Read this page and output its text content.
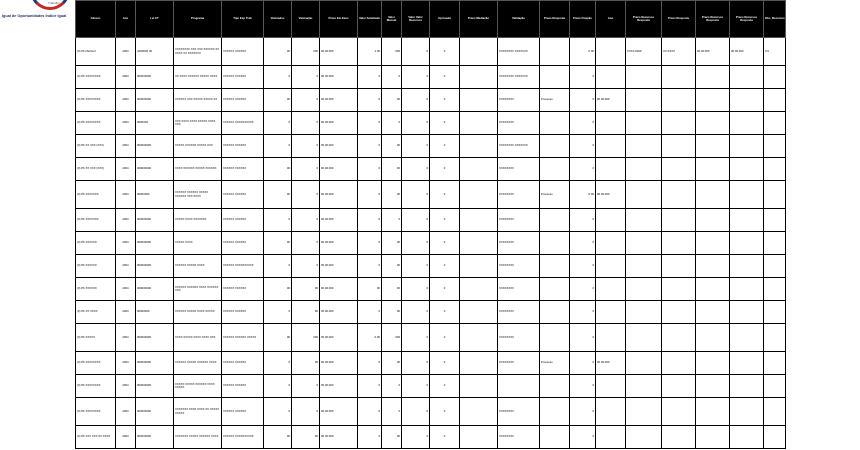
Trabalho
Igual de Oportunidades Índice Igual
Gênero	Ano	Lei CT	Programa	Tipo Exp Trab	Vacinados	Vacinação	Prazo Em Exec	Valor Solicitado	Valor Mensal	Valor Valor Recursos	Aprovado	Prazo Mediação	Validação	Prazo Resposta	Prazo Fixação	Ano	Prazo Recursos Resposta	Prazo Resposta	Prazo Recursos Resposta	Prazo Recursos Resposta	Obs_Recursos
(0) PF Meritis F	2004	(000000) 00	XXXXXXXX XXX XXX XXXXXX XX XXXX XX XXXXXXX	XXXXXX XXXXXX	00	000	00.00.000	1.00	000	0	0		XXXXXXXX XXXXXXX		0.00		XXXX.0000	XX.XXXX	00.00.000	00.00.000	0.0
(0) PF XXXXXXXX	2004	000000000	XX XXXX XXXXXX XXXXX XXXX	XXXXXX XXXXXX	0	0	00.00.000	0	0	0	0		XXXXXXXX XXXXXXX		0						
(0) PF XXXXXXXX	2004	000000000	XXXXXX XXX XXXXX XXXXX XX	XXXXXX XXXXXX	00	0	00.00.000	0	00	0	0		XXXXXXXX	Processo	0	00.00.000					
(0) PF XXXXXXXX	2004	0000000	XXX XXXX XXXX XXXXX XXXX XXX	XXXXXX XXXXXXXXXX	0	0	00.00.000	0	0	0	0		XXXXXXXX		0						
(0) PF XX XXX (XXX)	2004	000000000	XXXXX XXXXXX XXXXX XXX	XXXXXX XXXXXX	0	0	00.00.000	0	00	0	0		XXXXXXXX XXXXXXX		0						
(0) PF XX XXX (XXX)	2004	000000000	XXXX XXXXXX XXXXX XXXXXX	XXXXXX XXXXXX	00	0	00.00.000	0	00	0	0		XXXXXXXX		0						
(0) PF XXXXXXX	2004	00000000	XXXXXX XXXXXX XXXXX XXXXXX XXX XXXX	XXXXXX XXXXXX	00	0	00.00.000	0	00	0	0		XXXXXXXX	Processo	0.00	00.00.000					
(0) PF XXXXXXX	2004	000000000	XXXXX XXXX XXXXXXX	XXXXXX XXXXXX	0	0	00.00.000	0	0	0	0		XXXXXXXX		0						
(0) PF XXXXXX	2004	000000000	XXXXX XXXX	XXXXXX XXXXXX	00	0	00.00.000	0	00	0	0		XXXXXXXX		0						
(0) PF XXXXXX	2004	000000000	XXXXXX XXXXX XXXX	XXXXXX XXXXXXXXXX	0	0	00.00.000	0	00	0	0		XXXXXXXX		0						
(0) PF XXXXXX	2004	000000000	XXXXXX XXXXXX XXXX XXXXXX XXX	XXXXXX XXXXXX	00	00	00.00.000	00	00	0	0		XXXXXXXX		0						
(0) PF XX XXXX	2004	00000000	XXXXXX XXXXX XXXX XXXXX	XXXXXX XXXXXX	0	00	00.00.000	0	00	0	0		XXXXXXXX		0						
(0) PF XXXXX	2004	000000000	XXXX XXXXX XXXX XXXX XXX	XXXXXX XXXXXX XXXXX	00	000	00.00.000	0.00	000	0	0		XXXXXXXX		0						
(0) PF XXXXXXXX	2004	000000000	XXXXXX XXXXX XXXXXX XXXX	XXXXXX XXXXXX	0	00	00.00.000	0	00	0	0		XXXXXXXX	Processo	0	00.00.000					
(0) PF XXXXXXXX	2004	000000000	XXXXX XXXXX XXXXXX XXXX XXXXX	XXXXXX XXXXXX	0	0	00.00.000	0	0	0	0				0						
(0) PF XXXXXXXX	2004	000000000	XXXXXXX XXXX XXXX XX XXXXX XXXXX	XXXXXX XXXXXX	0	0	00.00.000	0	0	0	0		XXXXXXXX		0						
(0) PF XXX XXX XX XXXX	2004	000000000	XXXXXXX XXXXX XXXXXX XXXX	XXXXXX XXXXXXXXXX	00	00	00.00.000	0	00	0	0		XXXXXXXX		0						
